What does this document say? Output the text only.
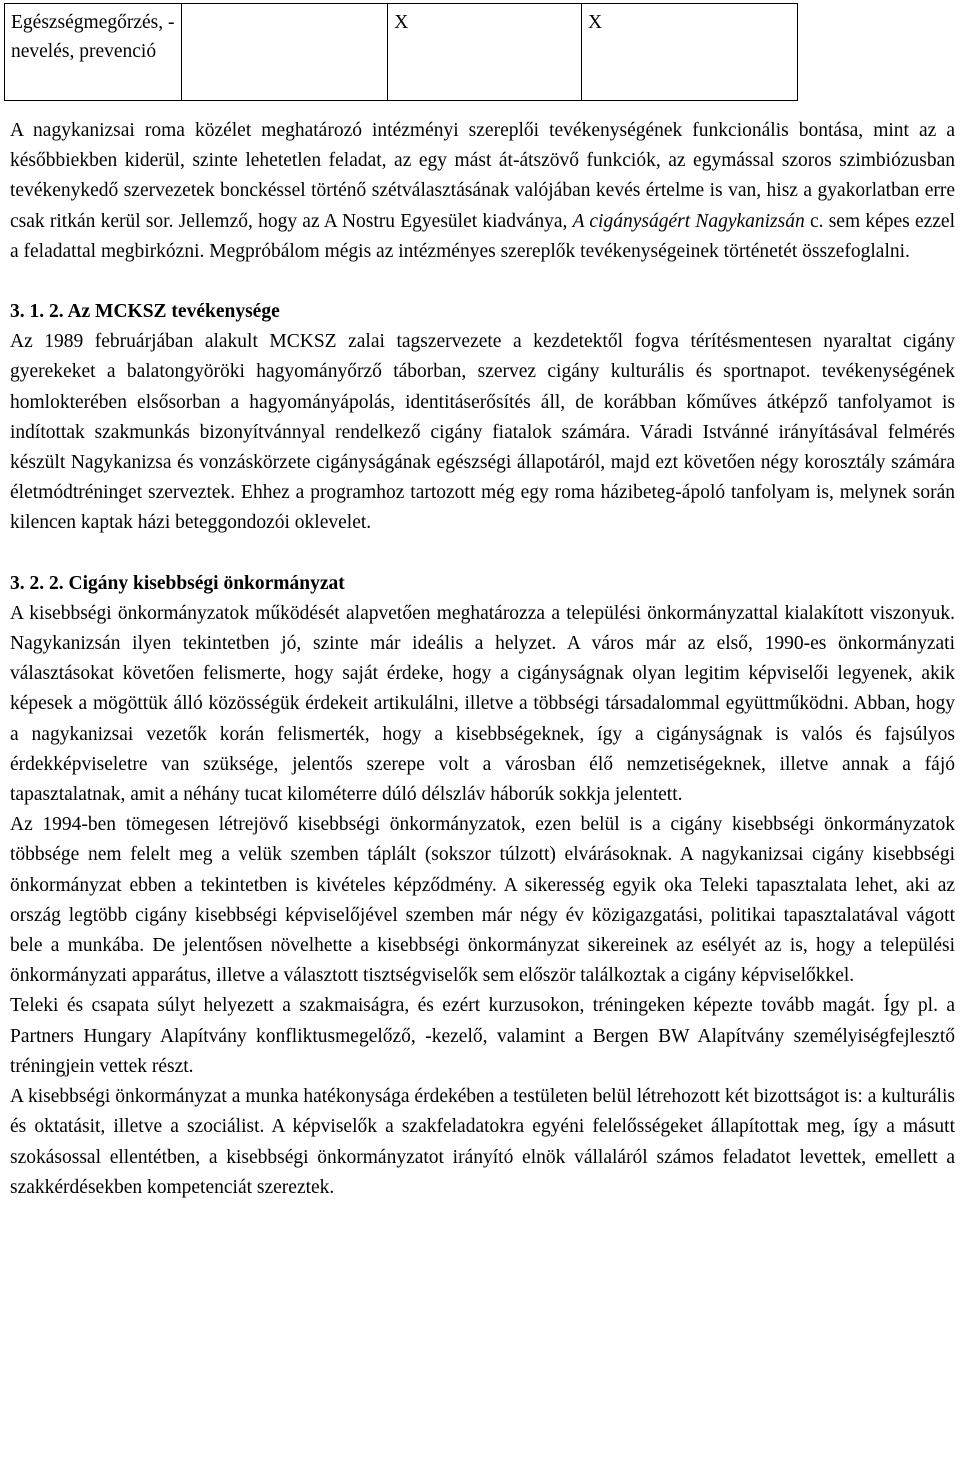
Egészségmegőrzés, -nevelés, prevenció		X	X

A nagykanizsai roma közélet meghatározó intézményi szereplői tevékenységének funkcionális bontása, mint az a későbbiekben kiderül, szinte lehetetlen feladat, az egy mást át-átszövő funkciók, az egymással szoros szimbiózusban tevékenykedő szervezetek bonckéssel történő szétválasztásának valójában kevés értelme is van, hisz a gyakorlatban erre csak ritkán kerül sor. Jellemző, hogy az A Nostru Egyesület kiadványa, A cigányságért Nagykanizsán c. sem képes ezzel a feladattal megbirkózni. Megpróbálom mégis az intézményes szereplők tevékenységeinek történetét összefoglalni.

3. 1. 2. Az MCKSZ tevékenysége

Az 1989 februárjában alakult MCKSZ zalai tagszervezete a kezdetektől fogva térítésmentesen nyaraltat cigány gyerekeket a balatongyöröki hagyományőrző táborban, szervez cigány kulturális és sportnapot. tevékenységének homlokterében elsősorban a hagyományápolás, identitáserősítés áll, de korábban kőműves átképző tanfolyamot is indítottak szakmunkás bizonyítvánnyal rendelkező cigány fiatalok számára. Váradi Istvánné irányításával felmérés készült Nagykanizsa és vonzáskörzete cigányságának egészségi állapotáról, majd ezt követően négy korosztály számára életmódtréninget szerveztek. Ehhez a programhoz tartozott még egy roma házibeteg-ápoló tanfolyam is, melynek során kilencen kaptak házi beteggondozói oklevelet.

3. 2. 2. Cigány kisebbségi önkormányzat

A kisebbségi önkormányzatok működését alapvetően meghatározza a települési önkormányzattal kialakított viszonyuk. Nagykanizsán ilyen tekintetben jó, szinte már ideális a helyzet. A város már az első, 1990-es önkormányzati választásokat követően felismerte, hogy saját érdeke, hogy a cigányságnak olyan legitim képviselői legyenek, akik képesek a mögöttük álló közösségük érdekeit artikulálni, illetve a többségi társadalommal együttműködni. Abban, hogy a nagykanizsai vezetők korán felismerték, hogy a kisebbségeknek, így a cigányságnak is valós és fajsúlyos érdekképviseletre van szüksége, jelentős szerepe volt a városban élő nemzetiségeknek, illetve annak a fájó tapasztalatnak, amit a néhány tucat kilométerre dúló délszláv háborúk sokkja jelentett.

Az 1994-ben tömegesen létrejövő kisebbségi önkormányzatok, ezen belül is a cigány kisebbségi önkormányzatok többsége nem felelt meg a velük szemben táplált (sokszor túlzott) elvárásoknak. A nagykanizsai cigány kisebbségi önkormányzat ebben a tekintetben is kivételes képződmény. A sikeresség egyik oka Teleki tapasztalata lehet, aki az ország legtöbb cigány kisebbségi képviselőjével szemben már négy év közigazgatási, politikai tapasztalatával vágott bele a munkába. De jelentősen növelhette a kisebbségi önkormányzat sikereinek az esélyét az is, hogy a települési önkormányzati apparátus, illetve a választott tisztségviselők sem először találkoztak a cigány képviselőkkel.

Teleki és csapata súlyt helyezett a szakmaiságra, és ezért kurzusokon, tréningeken képezte tovább magát. Így pl. a Partners Hungary Alapítvány konfliktusmegelőző, -kezelő, valamint a Bergen BW Alapítvány személyiségfejlesztő tréningjein vettek részt.

A kisebbségi önkormányzat a munka hatékonysága érdekében a testületen belül létrehozott két bizottságot is: a kulturális és oktatásit, illetve a szociálist. A képviselők a szakfeladatokra egyéni felelősségeket állapítottak meg, így a másutt szokásossal ellentétben, a kisebbségi önkormányzatot irányító elnök vállaláról számos feladatot levettek, emellett a szakkérdésekben kompetenciát szereztek.
